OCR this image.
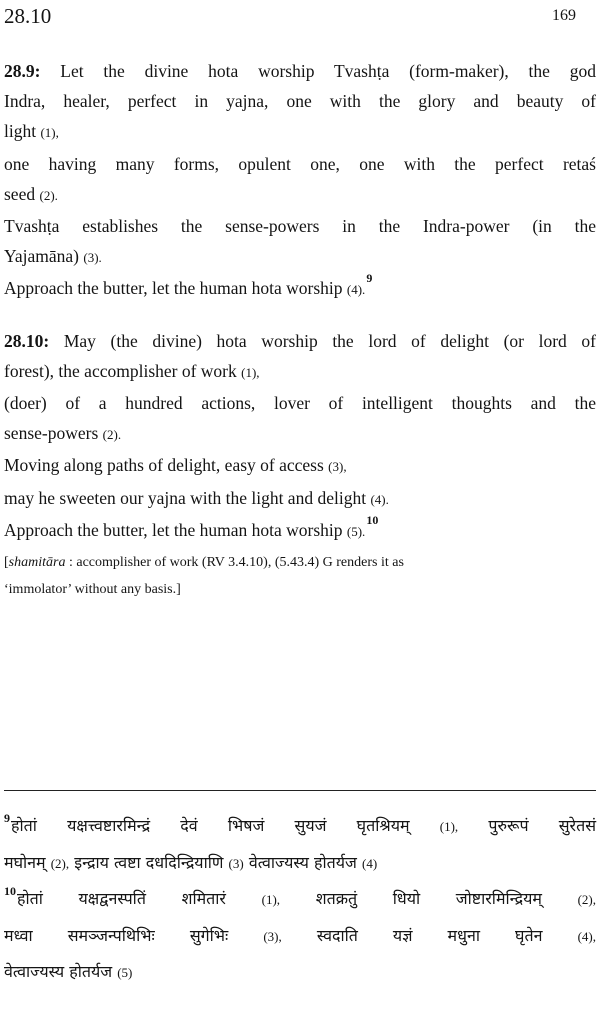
28.10	169
28.9: Let the divine hota worship Tvashṭa (form-maker), the god
Indra, healer, perfect in yajna, one with the glory and beauty of
light (1),
one having many forms, opulent one, one with the perfect retaś
seed (2).
Tvashṭa establishes the sense-powers in the Indra-power (in the
Yajamāna) (3).
Approach the butter, let the human hota worship (4).$^9$
28.10: May (the divine) hota worship the lord of delight (or lord of
forest), the accomplisher of work (1),
(doer) of a hundred actions, lover of intelligent thoughts and the
sense-powers (2).
Moving along paths of delight, easy of access (3),
may he sweeten our yajna with the light and delight (4).
Approach the butter, let the human hota worship (5).$^{10}$
[shamitāra : accomplisher of work (RV 3.4.10), (5.43.4) G renders it as
‘immolator’ without any basis.]
$^9$होतां यक्षत्त्वष्टारमिन्द्रं देवं भिषजं सुयजं घृतश्रियम् (1), पुरुरूपं सुरेतसं
मघोनम् (2), इन्द्राय त्वष्टा दधदिन्द्रियाणि (3) वेत्वाज्यस्य होतर्यज (4)
$^{10}$होतां यक्षद्वनस्पतिं शमितारं	(1), शतक्रतुं धियो जोष्टारमिन्द्रियम्	(2),
मध्वा समञ्जन्पथिभिः सुगेभिः	(3), स्वदाति यज्ञं मधुना घृतेन	(4),
वेत्वाज्यस्य होतर्यज (5)
